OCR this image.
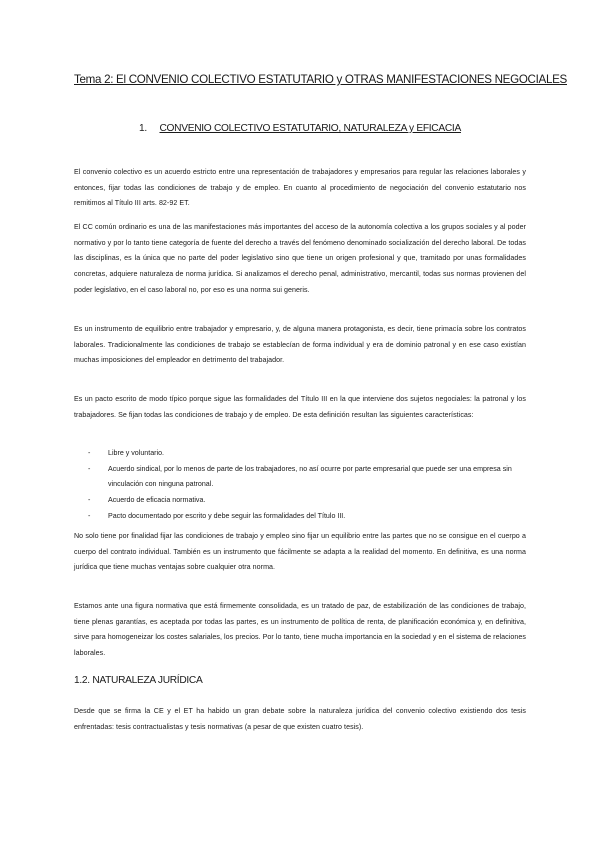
Tema 2: El CONVENIO COLECTIVO ESTATUTARIO y OTRAS MANIFESTACIONES NEGOCIALES
1. CONVENIO COLECTIVO ESTATUTARIO, NATURALEZA y EFICACIA

El convenio colectivo es un acuerdo estricto entre una representación de trabajadores y empresarios para regular las relaciones laborales y entonces, fijar todas las condiciones de trabajo y de empleo. En cuanto al procedimiento de negociación del convenio estatutario nos remitimos al Título III arts. 82-92 ET.

El CC común ordinario es una de las manifestaciones más importantes del acceso de la autonomía colectiva a los grupos sociales y al poder normativo y por lo tanto tiene categoría de fuente del derecho a través del fenómeno denominado socialización del derecho laboral. De todas las disciplinas, es la única que no parte del poder legislativo sino que tiene un origen profesional y que, tramitado por unas formalidades concretas, adquiere naturaleza de norma jurídica. Si analizamos el derecho penal, administrativo, mercantil, todas sus normas provienen del poder legislativo, en el caso laboral no, por eso es una norma sui generis.

Es un instrumento de equilibrio entre trabajador y empresario, y, de alguna manera protagonista, es decir, tiene primacía sobre los contratos laborales. Tradicionalmente las condiciones de trabajo se establecían de forma individual y era de dominio patronal y en ese caso existían muchas imposiciones del empleador en detrimento del trabajador.

Es un pacto escrito de modo típico porque sigue las formalidades del Título III en la que interviene dos sujetos negociales: la patronal y los trabajadores. Se fijan todas las condiciones de trabajo y de empleo. De esta definición resultan las siguientes características:

- Libre y voluntario.
- Acuerdo sindical, por lo menos de parte de los trabajadores, no así ocurre por parte empresarial que puede ser una empresa sin vinculación con ninguna patronal.
- Acuerdo de eficacia normativa.
- Pacto documentado por escrito y debe seguir las formalidades del Título III.

No solo tiene por finalidad fijar las condiciones de trabajo y empleo sino fijar un equilibrio entre las partes que no se consigue en el cuerpo a cuerpo del contrato individual. También es un instrumento que fácilmente se adapta a la realidad del momento. En definitiva, es una norma jurídica que tiene muchas ventajas sobre cualquier otra norma.

Estamos ante una figura normativa que está firmemente consolidada, es un tratado de paz, de estabilización de las condiciones de trabajo, tiene plenas garantías, es aceptada por todas las partes, es un instrumento de política de renta, de planificación económica y, en definitiva, sirve para homogeneizar los costes salariales, los precios. Por lo tanto, tiene mucha importancia en la sociedad y en el sistema de relaciones laborales.

1.2. NATURALEZA JURÍDICA

Desde que se firma la CE y el ET ha habido un gran debate sobre la naturaleza jurídica del convenio colectivo existiendo dos tesis enfrentadas: tesis contractualistas y tesis normativas (a pesar de que existen cuatro tesis).
